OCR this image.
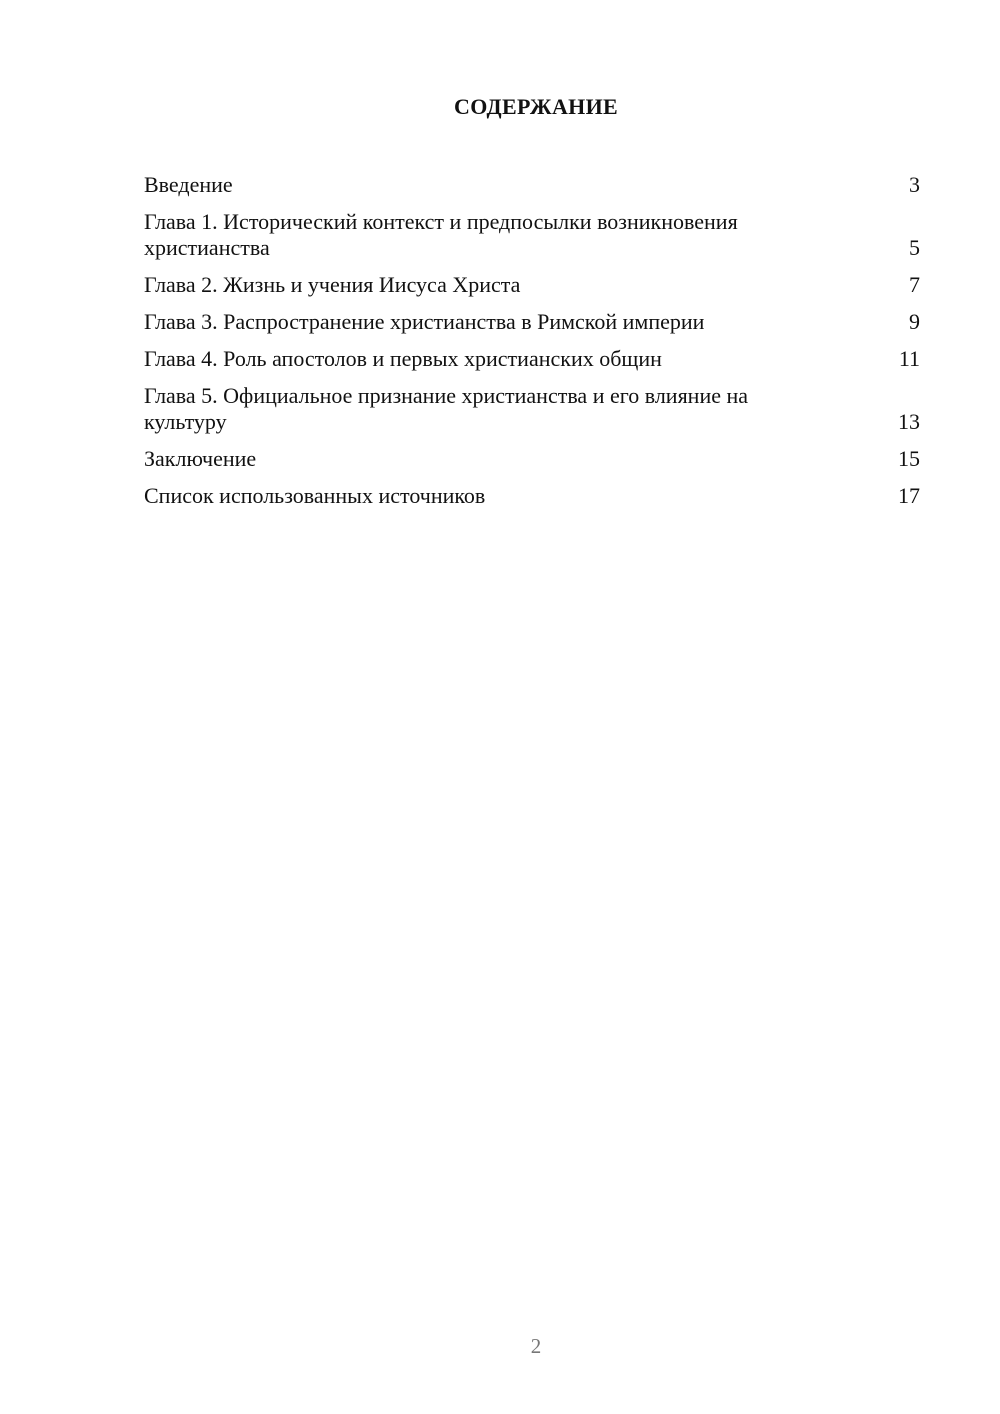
СОДЕРЖАНИЕ
Введение	3
Глава 1. Исторический контекст и предпосылки возникновения христианства	5
Глава 2. Жизнь и учения Иисуса Христа	7
Глава 3. Распространение христианства в Римской империи	9
Глава 4. Роль апостолов и первых христианских общин	11
Глава 5. Официальное признание христианства и его влияние на культуру	13
Заключение	15
Список использованных источников	17
2
